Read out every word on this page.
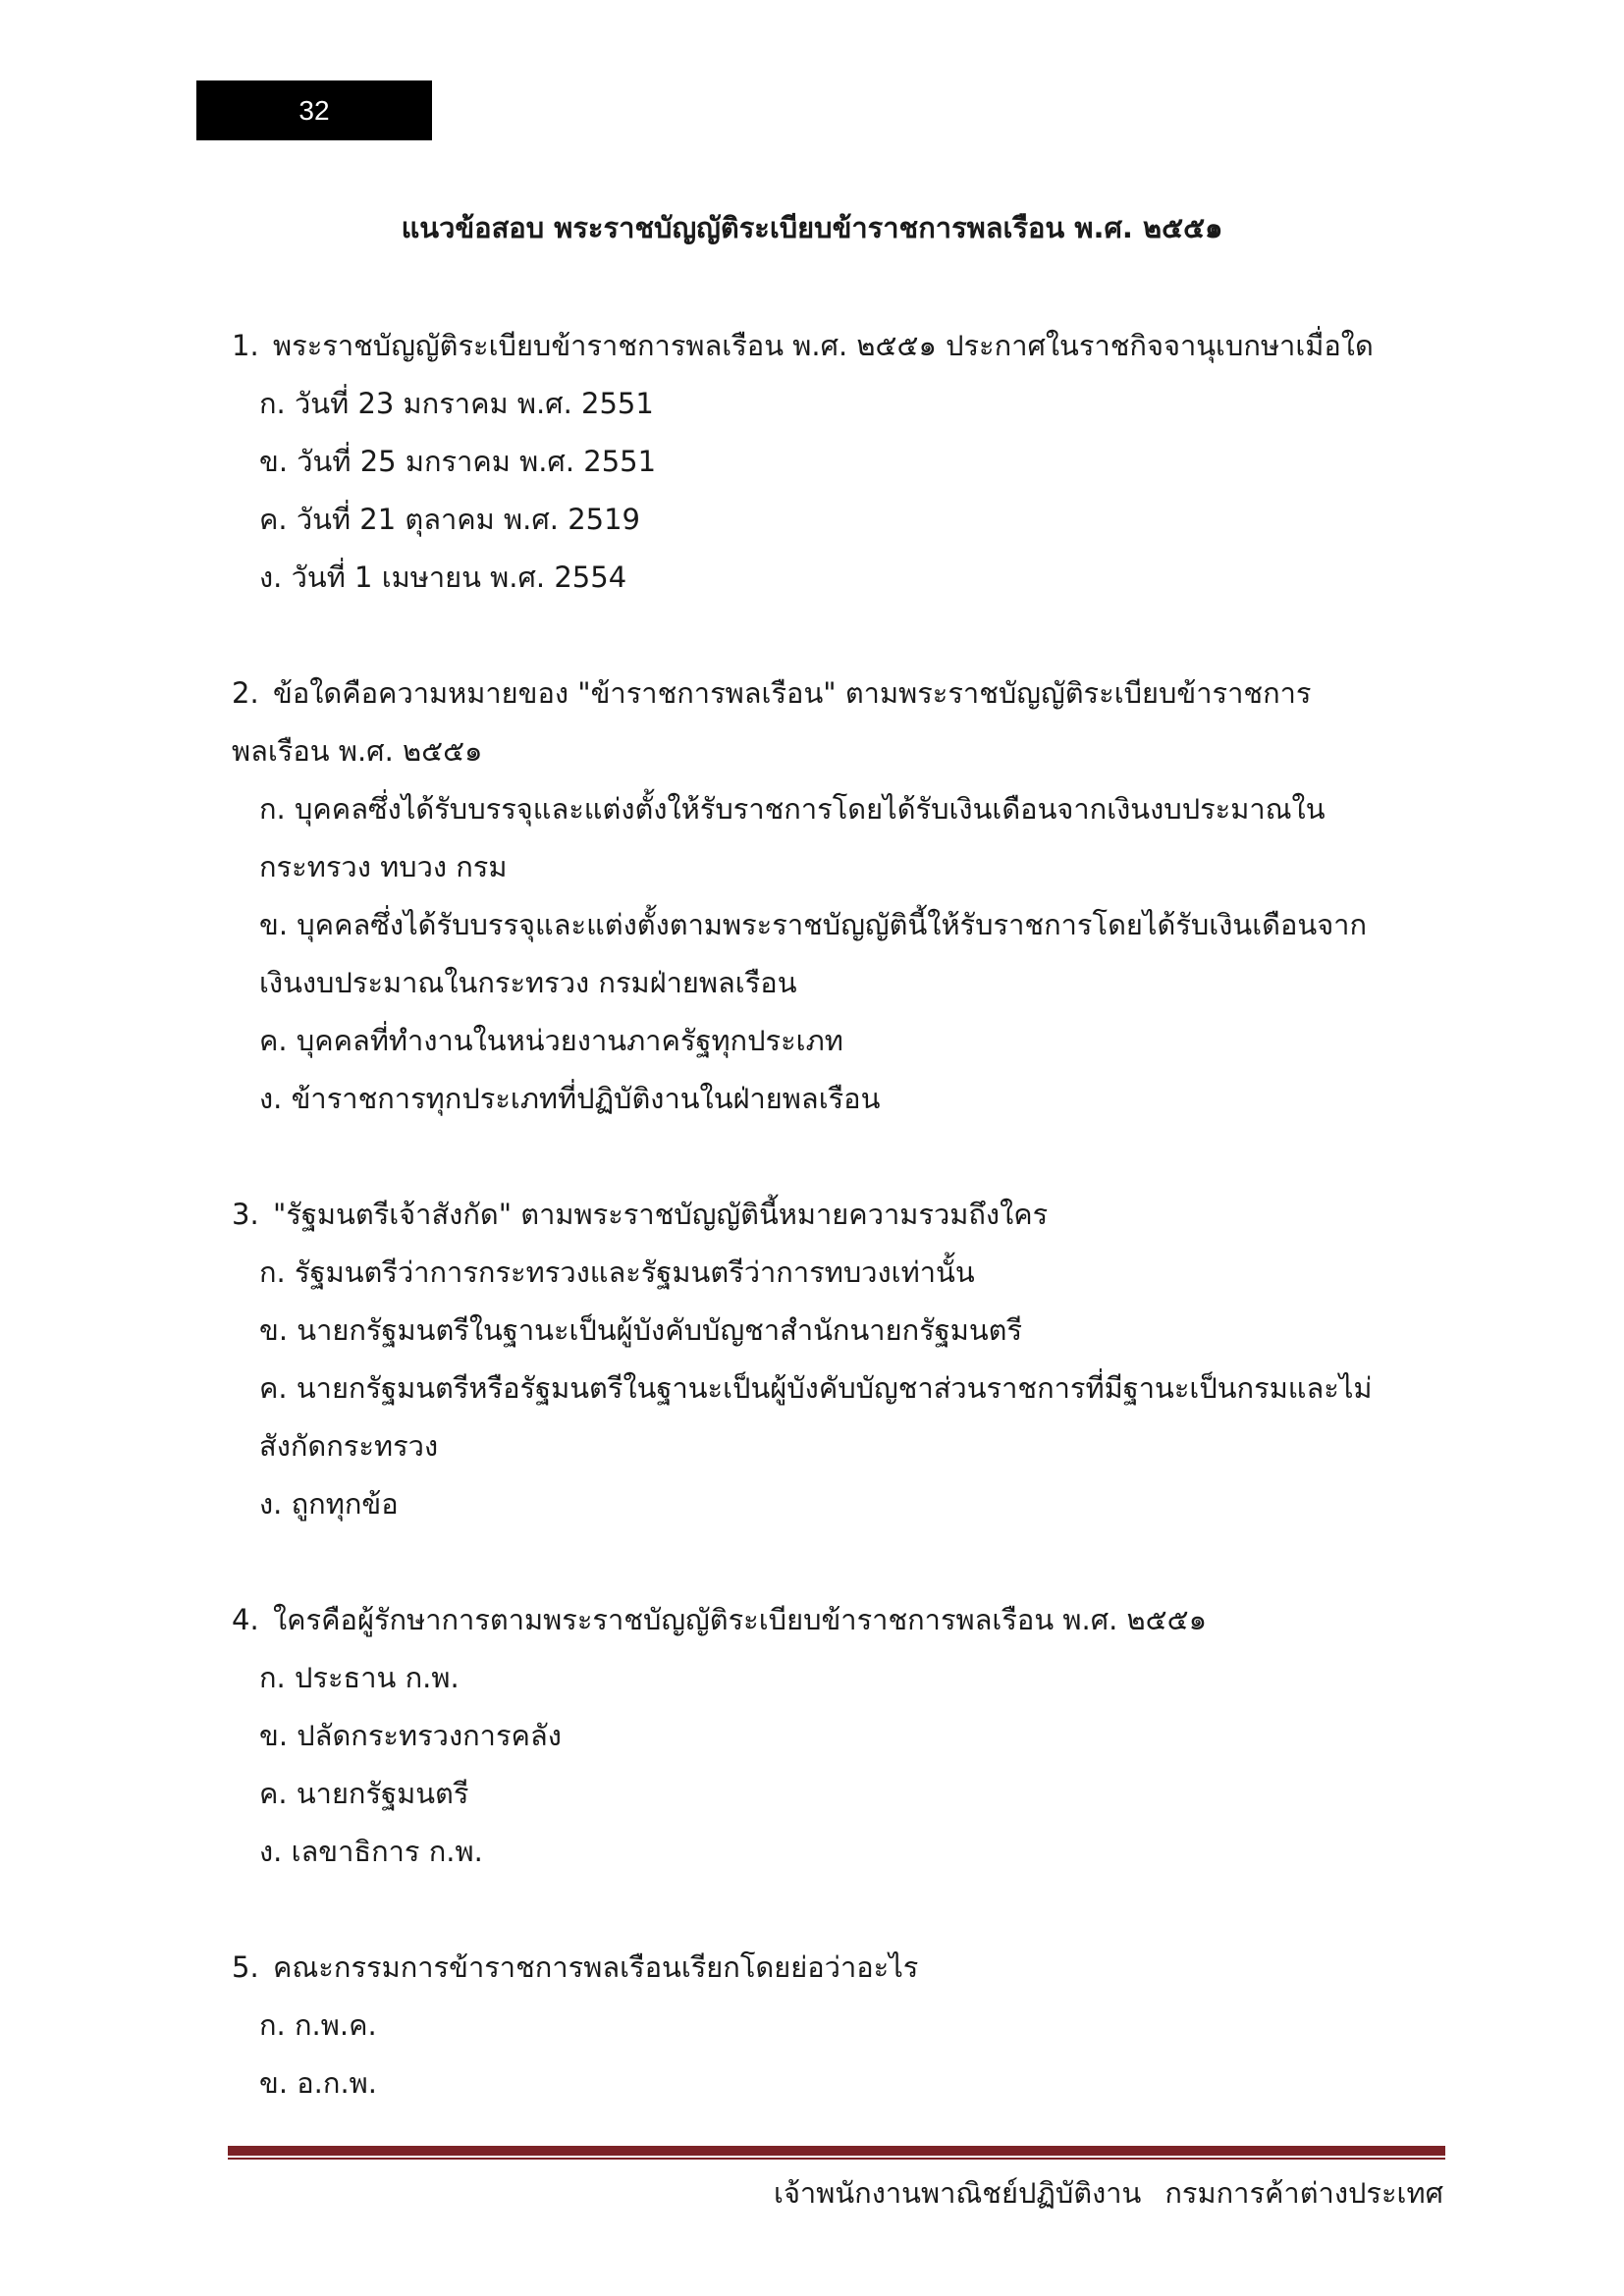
32
แนวข้อสอบ พระราชบัญญัติระเบียบข้าราชการพลเรือน พ.ศ. ๒๕๕๑
1. พระราชบัญญัติระเบียบข้าราชการพลเรือน พ.ศ. ๒๕๕๑ ประกาศในราชกิจจานุเบกษาเมื่อใด
ก. วันที่ 23 มกราคม พ.ศ. 2551
ข. วันที่ 25 มกราคม พ.ศ. 2551
ค. วันที่ 21 ตุลาคม พ.ศ. 2519
ง. วันที่ 1 เมษายน พ.ศ. 2554
2. ข้อใดคือความหมายของ "ข้าราชการพลเรือน" ตามพระราชบัญญัติระเบียบข้าราชการพลเรือน พ.ศ. ๒๕๕๑
ก. บุคคลซึ่งได้รับบรรจุและแต่งตั้งให้รับราชการโดยได้รับเงินเดือนจากเงินงบประมาณในกระทรวง ทบวง กรม
ข. บุคคลซึ่งได้รับบรรจุและแต่งตั้งตามพระราชบัญญัตินี้ให้รับราชการโดยได้รับเงินเดือนจากเงินงบประมาณในกระทรวง กรมฝ่ายพลเรือน
ค. บุคคลที่ทำงานในหน่วยงานภาครัฐทุกประเภท
ง. ข้าราชการทุกประเภทที่ปฏิบัติงานในฝ่ายพลเรือน
3. "รัฐมนตรีเจ้าสังกัด" ตามพระราชบัญญัตินี้หมายความรวมถึงใคร
ก. รัฐมนตรีว่าการกระทรวงและรัฐมนตรีว่าการทบวงเท่านั้น
ข. นายกรัฐมนตรีในฐานะเป็นผู้บังคับบัญชาสำนักนายกรัฐมนตรี
ค. นายกรัฐมนตรีหรือรัฐมนตรีในฐานะเป็นผู้บังคับบัญชาส่วนราชการที่มีฐานะเป็นกรมและไม่สังกัดกระทรวง
ง. ถูกทุกข้อ
4. ใครคือผู้รักษาการตามพระราชบัญญัติระเบียบข้าราชการพลเรือน พ.ศ. ๒๕๕๑
ก. ประธาน ก.พ.
ข. ปลัดกระทรวงการคลัง
ค. นายกรัฐมนตรี
ง. เลขาธิการ ก.พ.
5. คณะกรรมการข้าราชการพลเรือนเรียกโดยย่อว่าอะไร
ก. ก.พ.ค.
ข. อ.ก.พ.
เจ้าพนักงานพาณิชย์ปฏิบัติงาน กรมการค้าต่างประเทศ
